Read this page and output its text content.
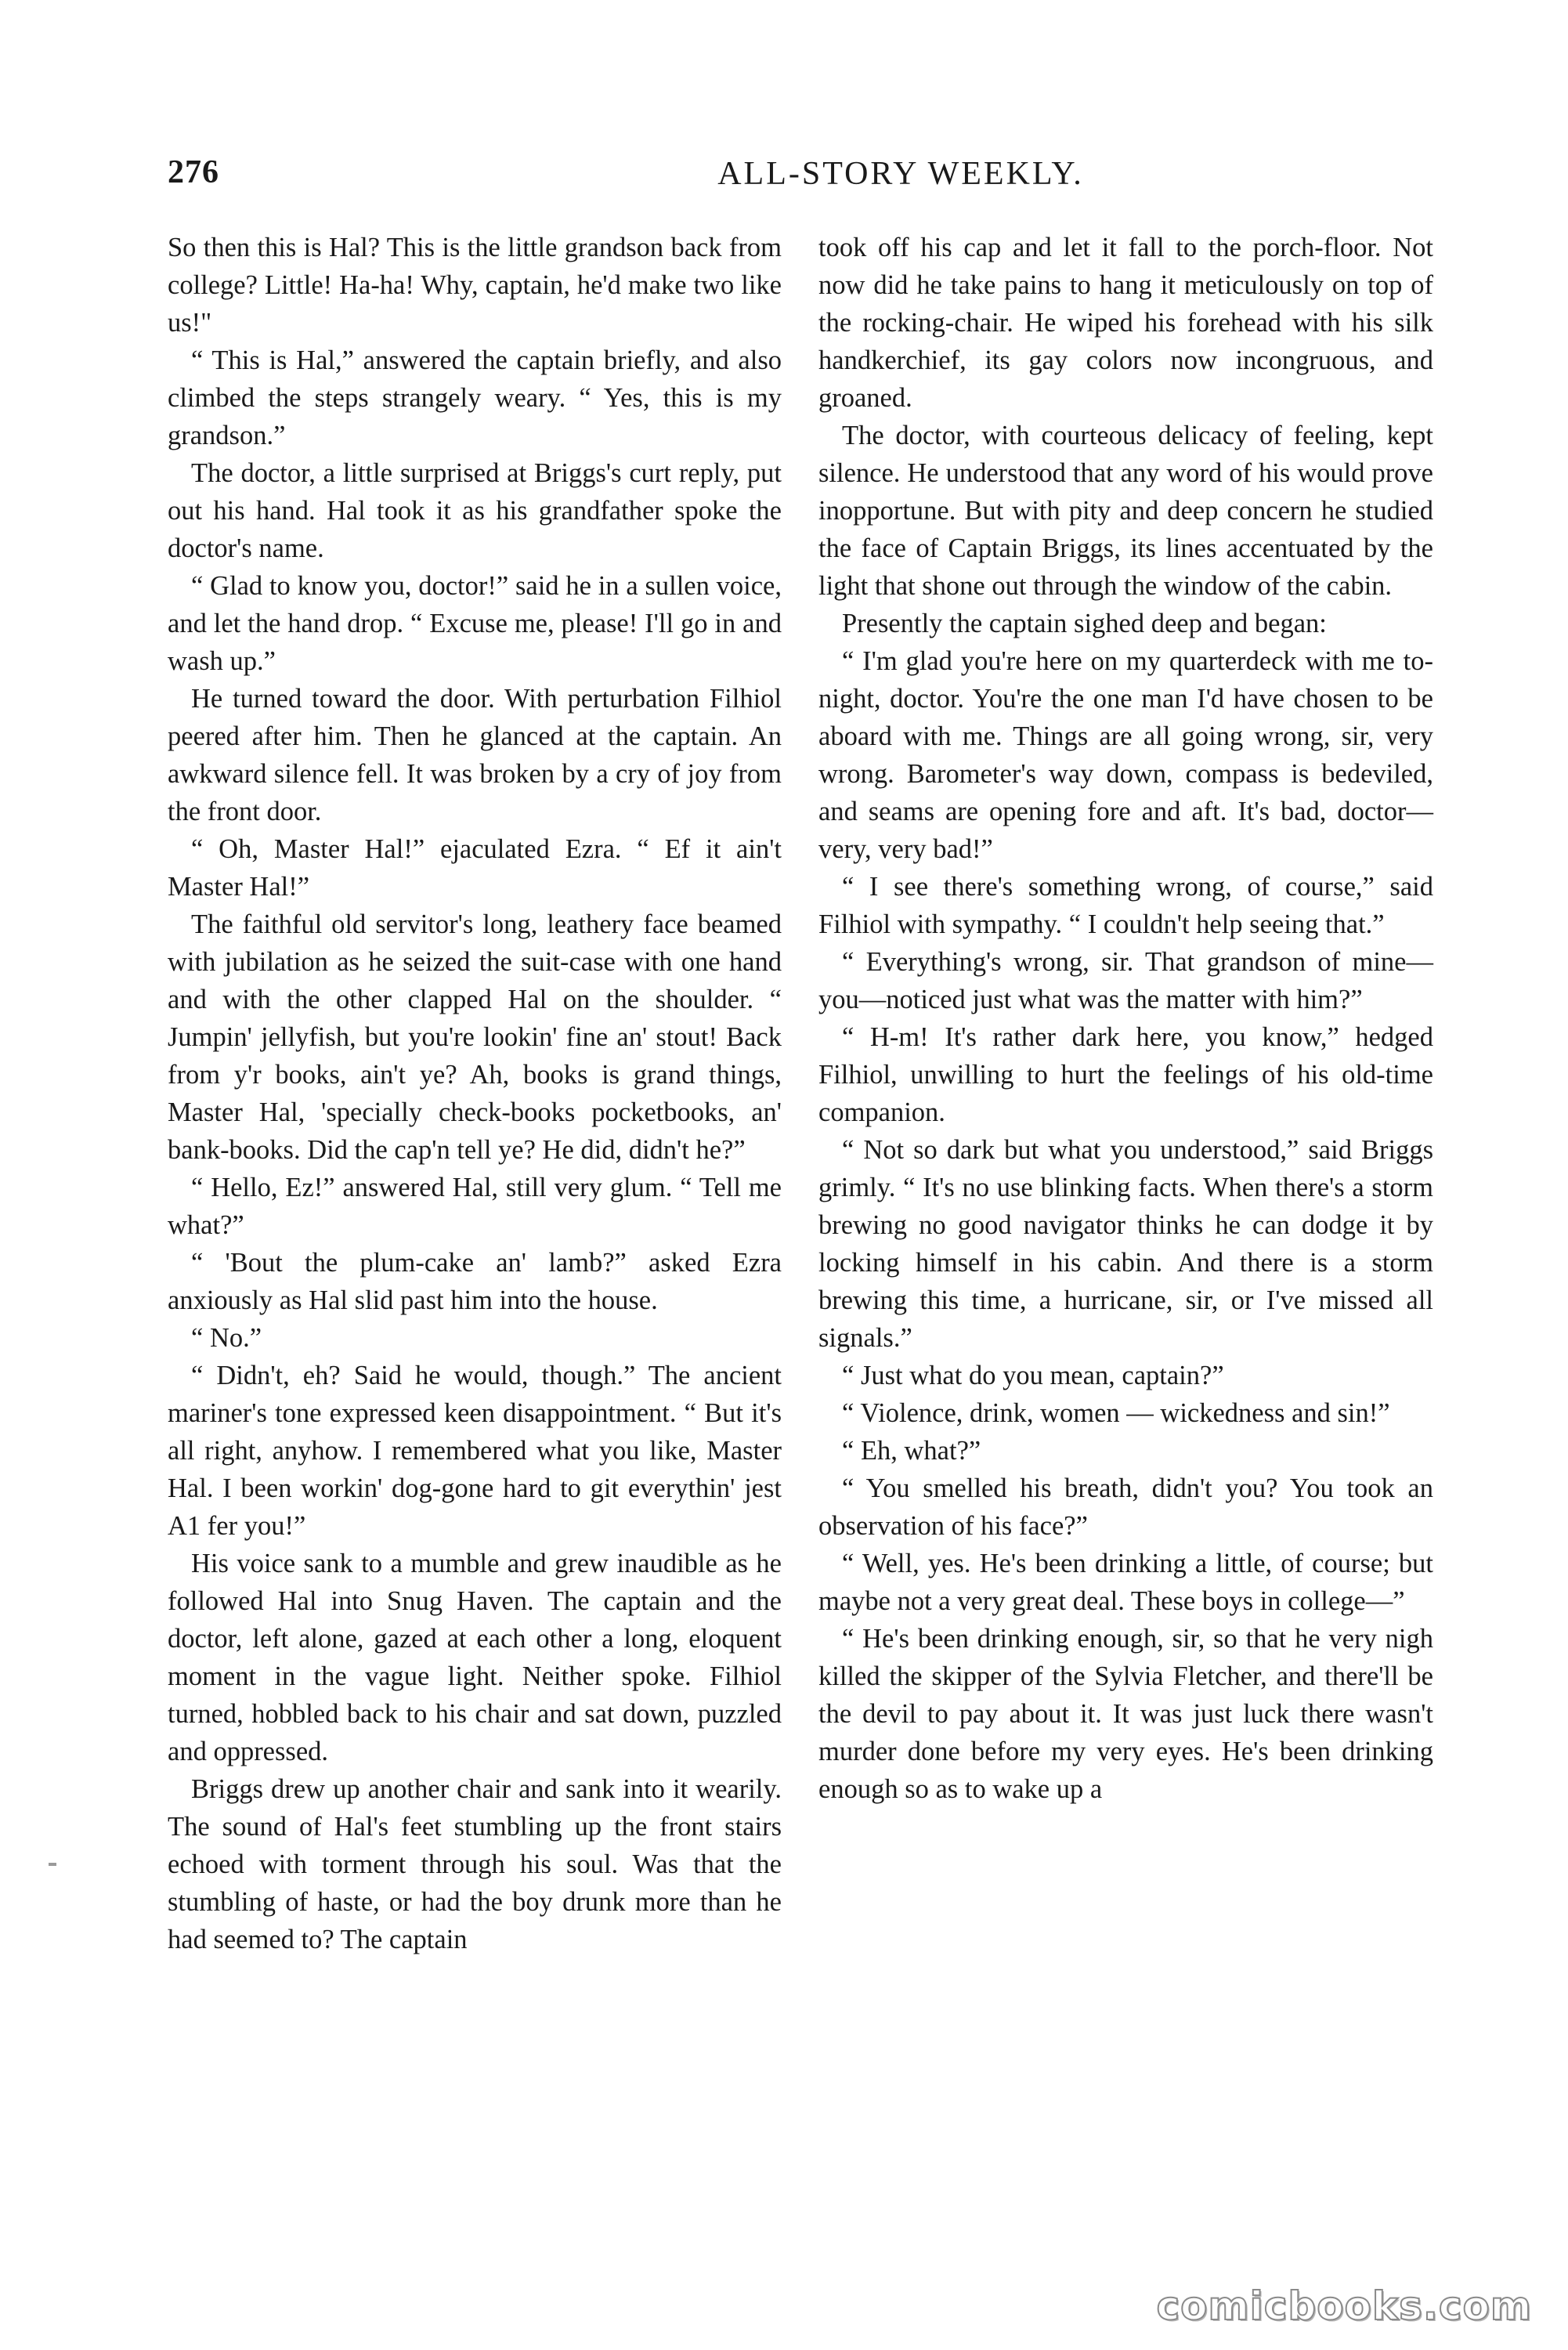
276	ALL-STORY WEEKLY.

So then this is Hal? This is the little grandson back from college? Little! Ha-ha! Why, captain, he'd make two like us!"

“ This is Hal,” answered the captain briefly, and also climbed the steps strangely weary. “ Yes, this is my grandson.”

The doctor, a little surprised at Briggs's curt reply, put out his hand. Hal took it as his grandfather spoke the doctor's name.

“ Glad to know you, doctor!” said he in a sullen voice, and let the hand drop. “ Excuse me, please! I'll go in and wash up.”

He turned toward the door. With perturbation Filhiol peered after him. Then he glanced at the captain. An awkward silence fell. It was broken by a cry of joy from the front door.

“ Oh, Master Hal!” ejaculated Ezra. “ Ef it ain't Master Hal!”

The faithful old servitor's long, leathery face beamed with jubilation as he seized the suit-case with one hand and with the other clapped Hal on the shoulder. “ Jumpin' jellyfish, but you're lookin' fine an' stout! Back from y'r books, ain't ye? Ah, books is grand things, Master Hal, 'specially check-books pocketbooks, an' bank-books. Did the cap'n tell ye? He did, didn't he?”

“ Hello, Ez!” answered Hal, still very glum. “ Tell me what?”

“ 'Bout the plum-cake an' lamb?” asked Ezra anxiously as Hal slid past him into the house.

“ No.”

“ Didn't, eh? Said he would, though.” The ancient mariner's tone expressed keen disappointment. “ But it's all right, anyhow. I remembered what you like, Master Hal. I been workin' dog-gone hard to git everythin' jest A1 fer you!”

His voice sank to a mumble and grew inaudible as he followed Hal into Snug Haven. The captain and the doctor, left alone, gazed at each other a long, eloquent moment in the vague light. Neither spoke. Filhiol turned, hobbled back to his chair and sat down, puzzled and oppressed.

Briggs drew up another chair and sank into it wearily. The sound of Hal's feet stumbling up the front stairs echoed with torment through his soul. Was that the stumbling of haste, or had the boy drunk more than he had seemed to? The captain

took off his cap and let it fall to the porch-floor. Not now did he take pains to hang it meticulously on top of the rocking-chair. He wiped his forehead with his silk handkerchief, its gay colors now incongruous, and groaned.

The doctor, with courteous delicacy of feeling, kept silence. He understood that any word of his would prove inopportune. But with pity and deep concern he studied the face of Captain Briggs, its lines accentuated by the light that shone out through the window of the cabin.

Presently the captain sighed deep and began:

“ I'm glad you're here on my quarterdeck with me to-night, doctor. You're the one man I'd have chosen to be aboard with me. Things are all going wrong, sir, very wrong. Barometer's way down, compass is bedeviled, and seams are opening fore and aft. It's bad, doctor—very, very bad!”

“ I see there's something wrong, of course,” said Filhiol with sympathy. “ I couldn't help seeing that.”

“ Everything's wrong, sir. That grandson of mine—you—noticed just what was the matter with him?”

“ H-m! It's rather dark here, you know,” hedged Filhiol, unwilling to hurt the feelings of his old-time companion.

“ Not so dark but what you understood,” said Briggs grimly. “ It's no use blinking facts. When there's a storm brewing no good navigator thinks he can dodge it by locking himself in his cabin. And there is a storm brewing this time, a hurricane, sir, or I've missed all signals.”

“ Just what do you mean, captain?”

“ Violence, drink, women — wickedness and sin!”

“ Eh, what?”

“ You smelled his breath, didn't you? You took an observation of his face?”

“ Well, yes. He's been drinking a little, of course; but maybe not a very great deal. These boys in college—”

“ He's been drinking enough, sir, so that he very nigh killed the skipper of the Sylvia Fletcher, and there'll be the devil to pay about it. It was just luck there wasn't murder done before my very eyes. He's been drinking enough so as to wake up a

comicbooks.com
